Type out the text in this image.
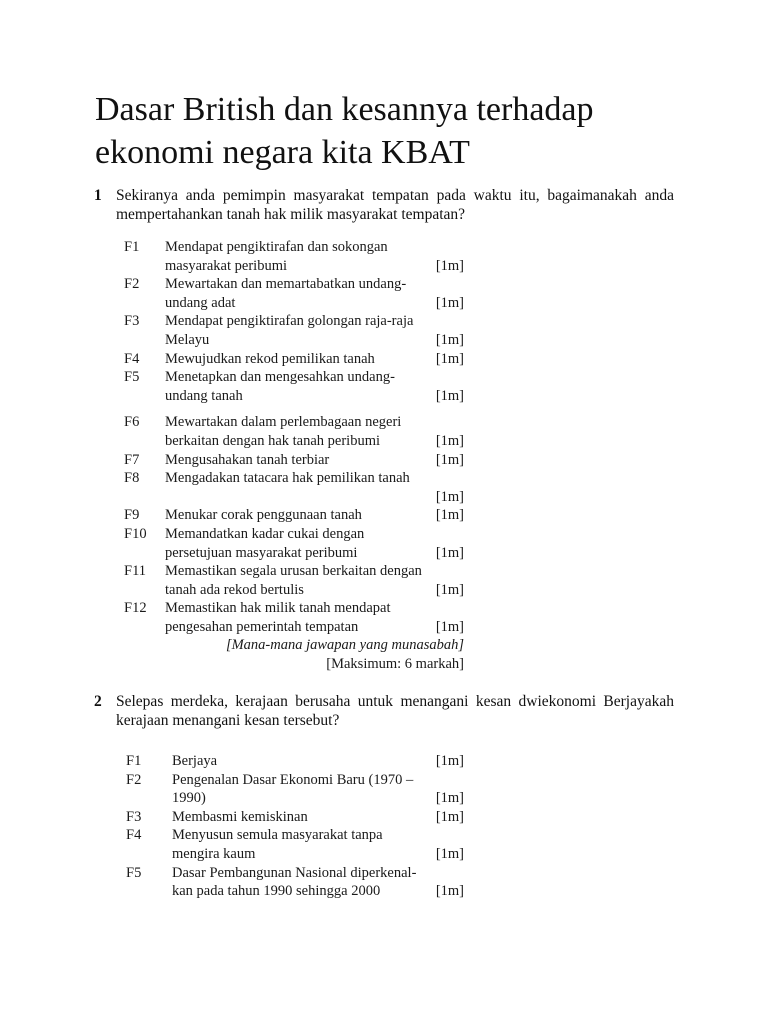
Dasar British dan kesannya terhadap ekonomi negara kita KBAT
1 Sekiranya anda pemimpin masyarakat tempatan pada waktu itu, bagaimanakah anda mempertahankan tanah hak milik masyarakat tempatan?
F1	Mendapat pengiktirafan dan sokongan
masyarakat peribumi	[1m]
F2	Mewartakan dan memartabatkan undang-
undang adat	[1m]
F3	Mendapat pengiktirafan golongan raja-raja
Melayu	[1m]
F4	Mewujudkan rekod pemilikan tanah	[1m]
F5	Menetapkan dan mengesahkan undang-
undang tanah	[1m]
F6	Mewartakan dalam perlembagaan negeri
berkaitan dengan hak tanah peribumi	[1m]
F7	Mengusahakan tanah terbiar	[1m]
F8	Mengadakan tatacara hak pemilikan tanah
[1m]
F9	Menukar corak penggunaan tanah	[1m]
F10	Memandatkan kadar cukai dengan
persetujuan masyarakat peribumi	[1m]
F11	Memastikan segala urusan berkaitan dengan
tanah ada rekod bertulis	[1m]
F12	Memastikan hak milik tanah mendapat
pengesahan pemerintah tempatan	[1m]
[Mana-mana jawapan yang munasabah]
[Maksimum: 6 markah]
2 Selepas merdeka, kerajaan berusaha untuk menangani kesan dwiekonomi Berjayakah kerajaan menangani kesan tersebut?
F1	Berjaya	[1m]
F2	Pengenalan Dasar Ekonomi Baru (1970 –
1990)	[1m]
F3	Membasmi kemiskinan	[1m]
F4	Menyusun semula masyarakat tanpa
mengira kaum	[1m]
F5	Dasar Pembangunan Nasional diperkenal-
kan pada tahun 1990 sehingga 2000	[1m]
